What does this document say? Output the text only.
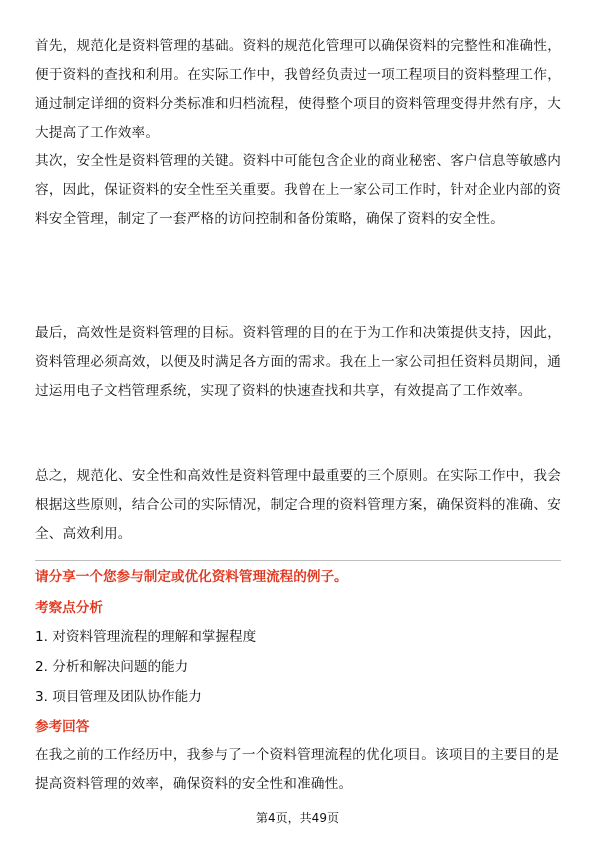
首先，规范化是资料管理的基础。资料的规范化管理可以确保资料的完整性和准确性，便于资料的查找和利用。在实际工作中，我曾经负责过一项工程项目的资料整理工作，通过制定详细的资料分类标准和归档流程，使得整个项目的资料管理变得井然有序，大大提高了工作效率。

其次，安全性是资料管理的关键。资料中可能包含企业的商业秘密、客户信息等敏感内容，因此，保证资料的安全性至关重要。我曾在上一家公司工作时，针对企业内部的资料安全管理，制定了一套严格的访问控制和备份策略，确保了资料的安全性。

最后，高效性是资料管理的目标。资料管理的目的在于为工作和决策提供支持，因此，资料管理必须高效，以便及时满足各方面的需求。我在上一家公司担任资料员期间，通过运用电子文档管理系统，实现了资料的快速查找和共享，有效提高了工作效率。

总之，规范化、安全性和高效性是资料管理中最重要的三个原则。在实际工作中，我会根据这些原则，结合公司的实际情况，制定合理的资料管理方案，确保资料的准确、安全、高效利用。

请分享一个您参与制定或优化资料管理流程的例子。

考察点分析

1. 对资料管理流程的理解和掌握程度
2. 分析和解决问题的能力
3. 项目管理及团队协作能力

参考回答

在我之前的工作经历中，我参与了一个资料管理流程的优化项目。该项目的主要目的是提高资料管理的效率，确保资料的安全性和准确性。

第4页，共49页
